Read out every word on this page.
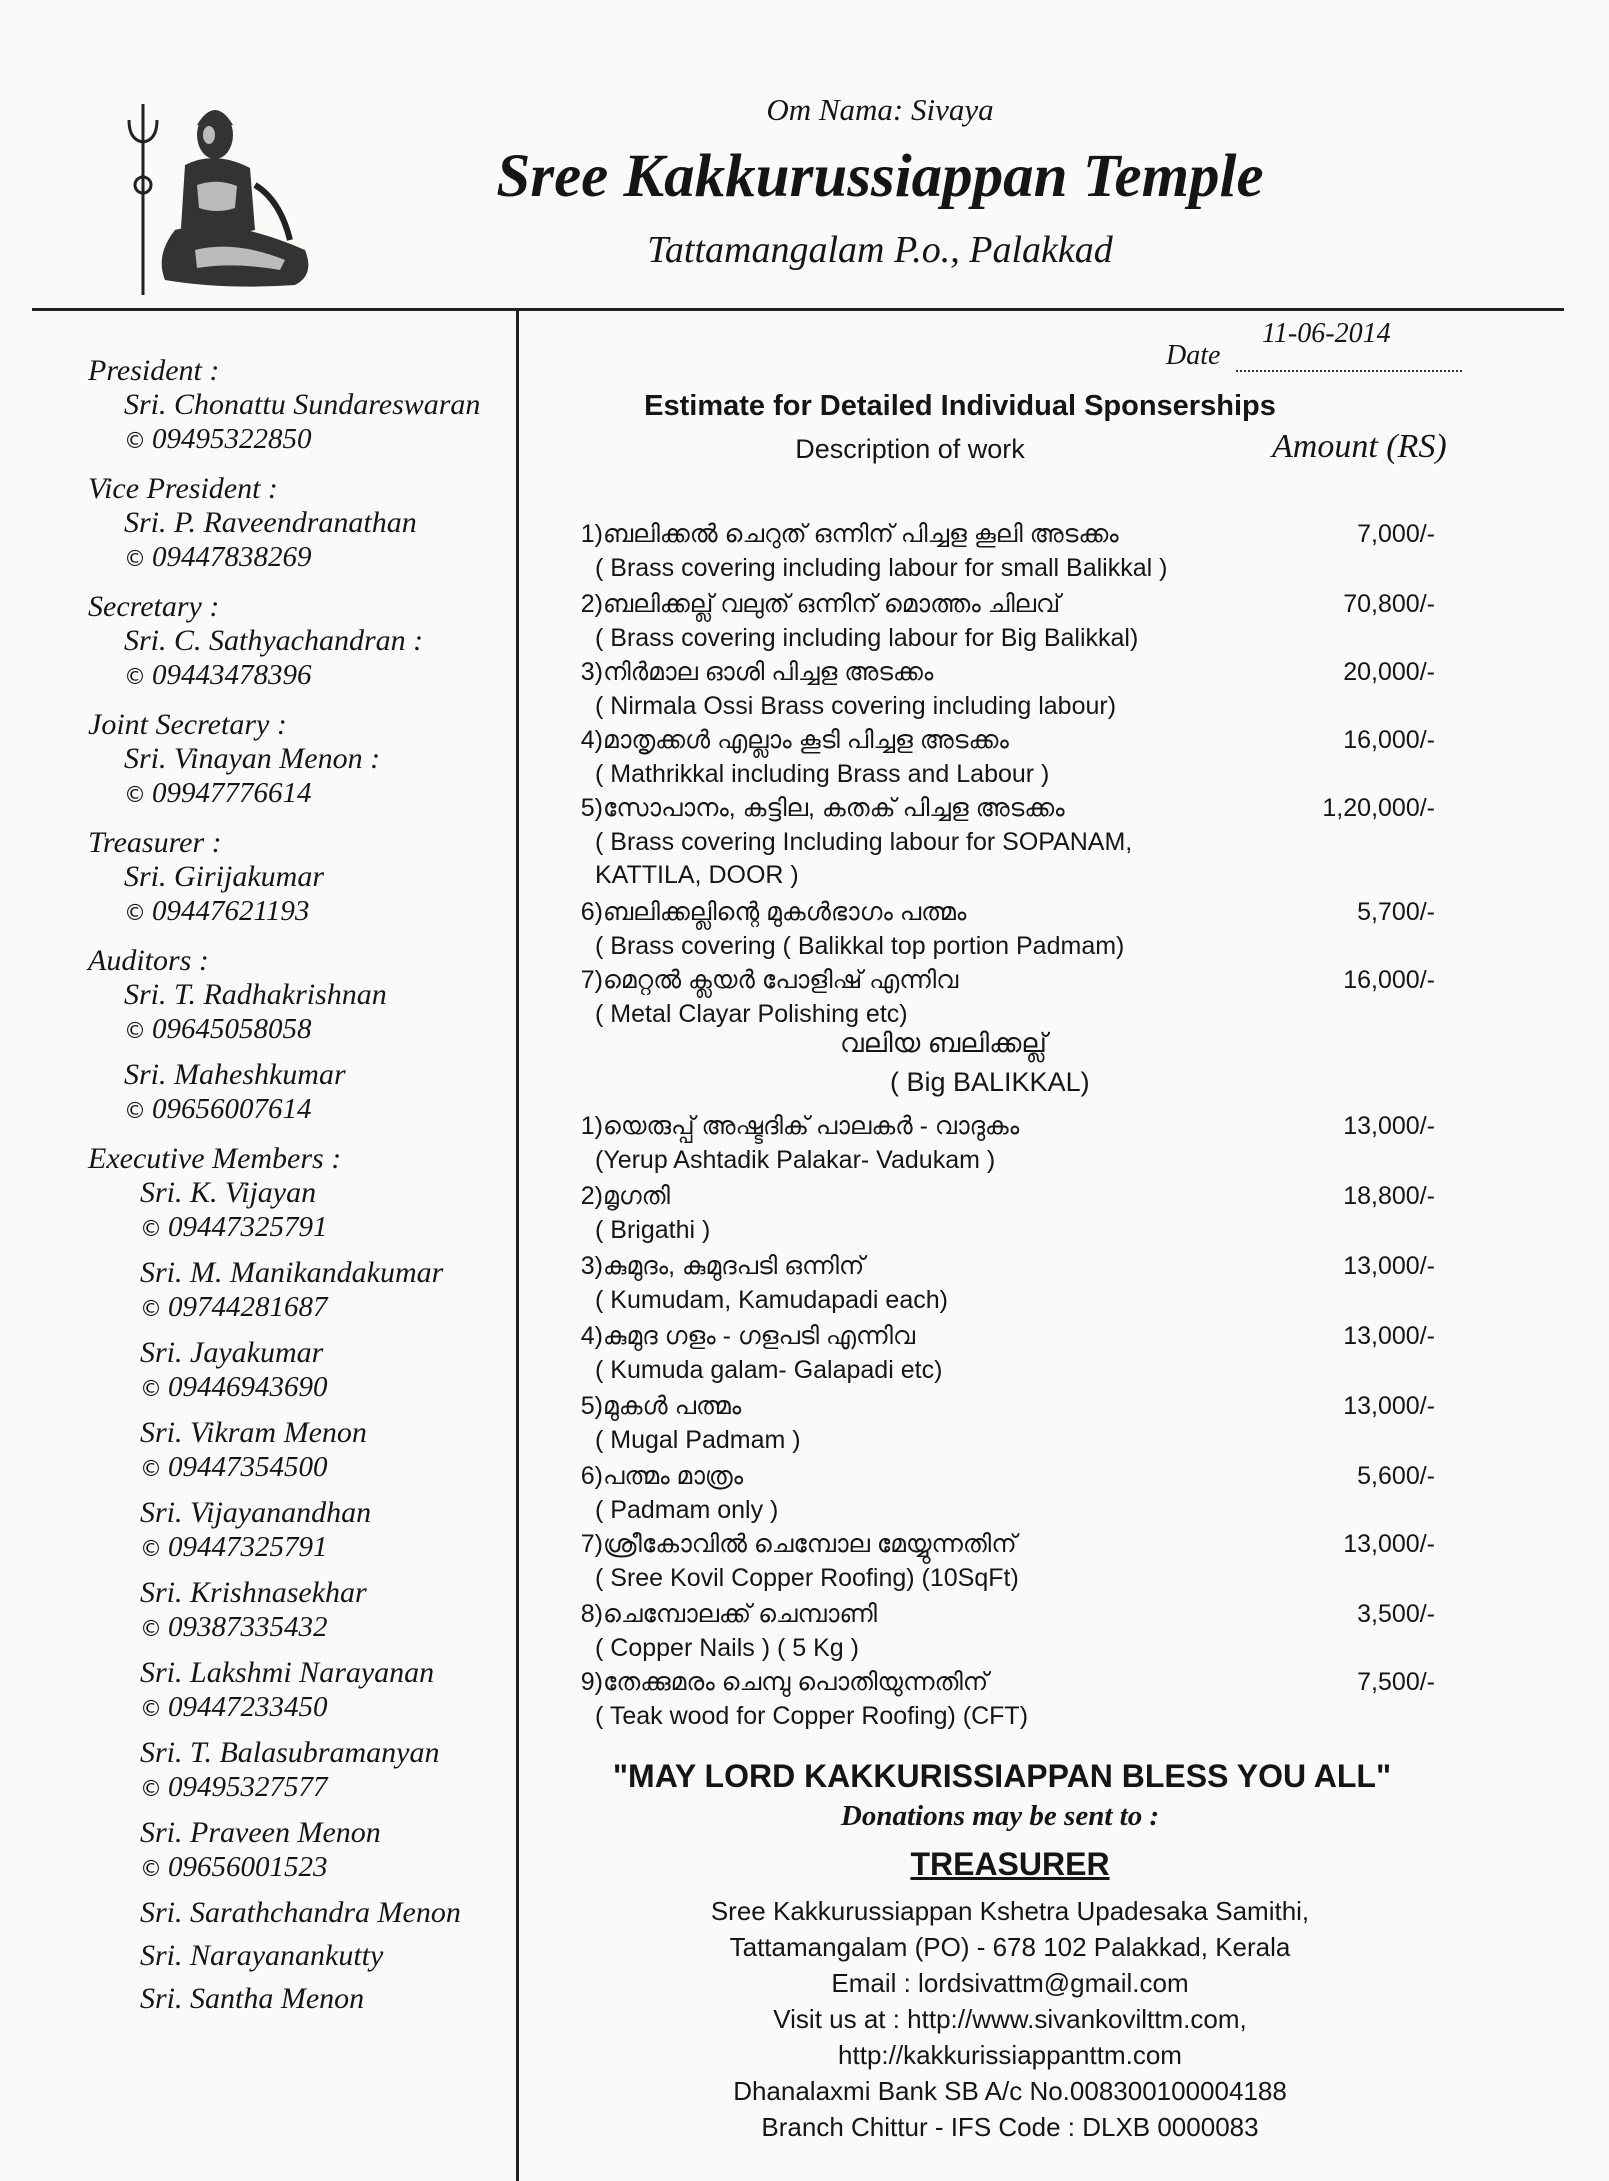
Om Nama: Sivaya
Sree Kakkurussiappan Temple
Tattamangalam P.o., Palakkad
President :
Sri. Chonattu Sundareswaran
© 09495322850
Vice President :
Sri. P. Raveendranathan
© 09447838269
Secretary :
Sri. C. Sathyachandran :
© 09443478396
Joint Secretary :
Sri. Vinayan Menon :
© 09947776614
Treasurer :
Sri. Girijakumar
© 09447621193
Auditors :
Sri. T. Radhakrishnan
© 09645058058
Sri. Maheshkumar
© 09656007614
Executive Members :
Sri. K. Vijayan
© 09447325791
Sri. M. Manikandakumar
© 09744281687
Sri. Jayakumar
© 09446943690
Sri. Vikram Menon
© 09447354500
Sri. Vijayanandhan
© 09447325791
Sri. Krishnasekhar
© 09387335432
Sri. Lakshmi Narayanan
© 09447233450
Sri. T. Balasubramanyan
© 09495327577
Sri. Praveen Menon
© 09656001523
Sri. Sarathchandra Menon
Sri. Narayanankutty
Sri. Santha Menon
Date
11-06-2014
Estimate for Detailed Individual Sponserships
Description of work	Amount (RS)
1) ബലിക്കൽ ചെറുത് ഒന്നിന് പിച്ചള കൂലി അടക്കം	7,000/-
( Brass covering including labour for small Balikkal )
2) ബലിക്കല്ല് വലുത് ഒന്നിന് മൊത്തം ചിലവ്	70,800/-
( Brass covering including labour for Big Balikkal)
3) നിർമാല ഓശി പിച്ചള അടക്കം	20,000/-
( Nirmala Ossi Brass covering including labour)
4) മാതൃക്കൾ എല്ലാം കൂടി പിച്ചള അടക്കം	16,000/-
( Mathrikkal including Brass and Labour )
5) സോപാനം, കട്ടില, കതക് പിച്ചള അടക്കം	1,20,000/-
( Brass covering Including labour for SOPANAM, KATTILA, DOOR )
6) ബലിക്കല്ലിന്റെ മുകൾഭാഗം പത്മം	5,700/-
( Brass covering ( Balikkal top portion Padmam)
7) മെറ്റൽ ക്ലയർ പോളിഷ് എന്നിവ	16,000/-
( Metal Clayar Polishing etc)
വലിയ ബലിക്കല്ല്
( Big BALIKKAL)
1) യെരുപ്പ് അഷ്ടദിക് പാലകർ - വാദുകം	13,000/-
(Yerup Ashtadik Palakar- Vadukam )
2) മൃഗതി	18,800/-
( Brigathi )
3) കുമുദം, കുമുദപടി ഒന്നിന്	13,000/-
( Kumudam, Kamudapadi each)
4) കുമുദ ഗളം - ഗളപടി എന്നിവ	13,000/-
( Kumuda galam- Galapadi etc)
5) മുകൾ പത്മം	13,000/-
( Mugal Padmam )
6) പത്മം മാത്രം	5,600/-
( Padmam only )
7) ശ്രീകോവിൽ ചെമ്പോല മേയ്യുന്നതിന്	13,000/-
( Sree Kovil Copper Roofing) (10SqFt)
8) ചെമ്പോലക്ക് ചെമ്പാണി	3,500/-
( Copper Nails ) ( 5 Kg )
9) തേക്കുമരം ചെമ്പു പൊതിയുന്നതിന്	7,500/-
( Teak wood for Copper Roofing) (CFT)
"MAY LORD KAKKURISSIAPPAN BLESS YOU ALL"
Donations may be sent to :
TREASURER
Sree Kakkurussiappan Kshetra Upadesaka Samithi,
Tattamangalam (PO) - 678 102 Palakkad, Kerala
Email : lordsivattm@gmail.com
Visit us at : http://www.sivankovilttm.com,
http://kakkurissiappanttm.com
Dhanalaxmi Bank SB A/c No.008300100004188
Branch Chittur - IFS Code : DLXB 0000083
